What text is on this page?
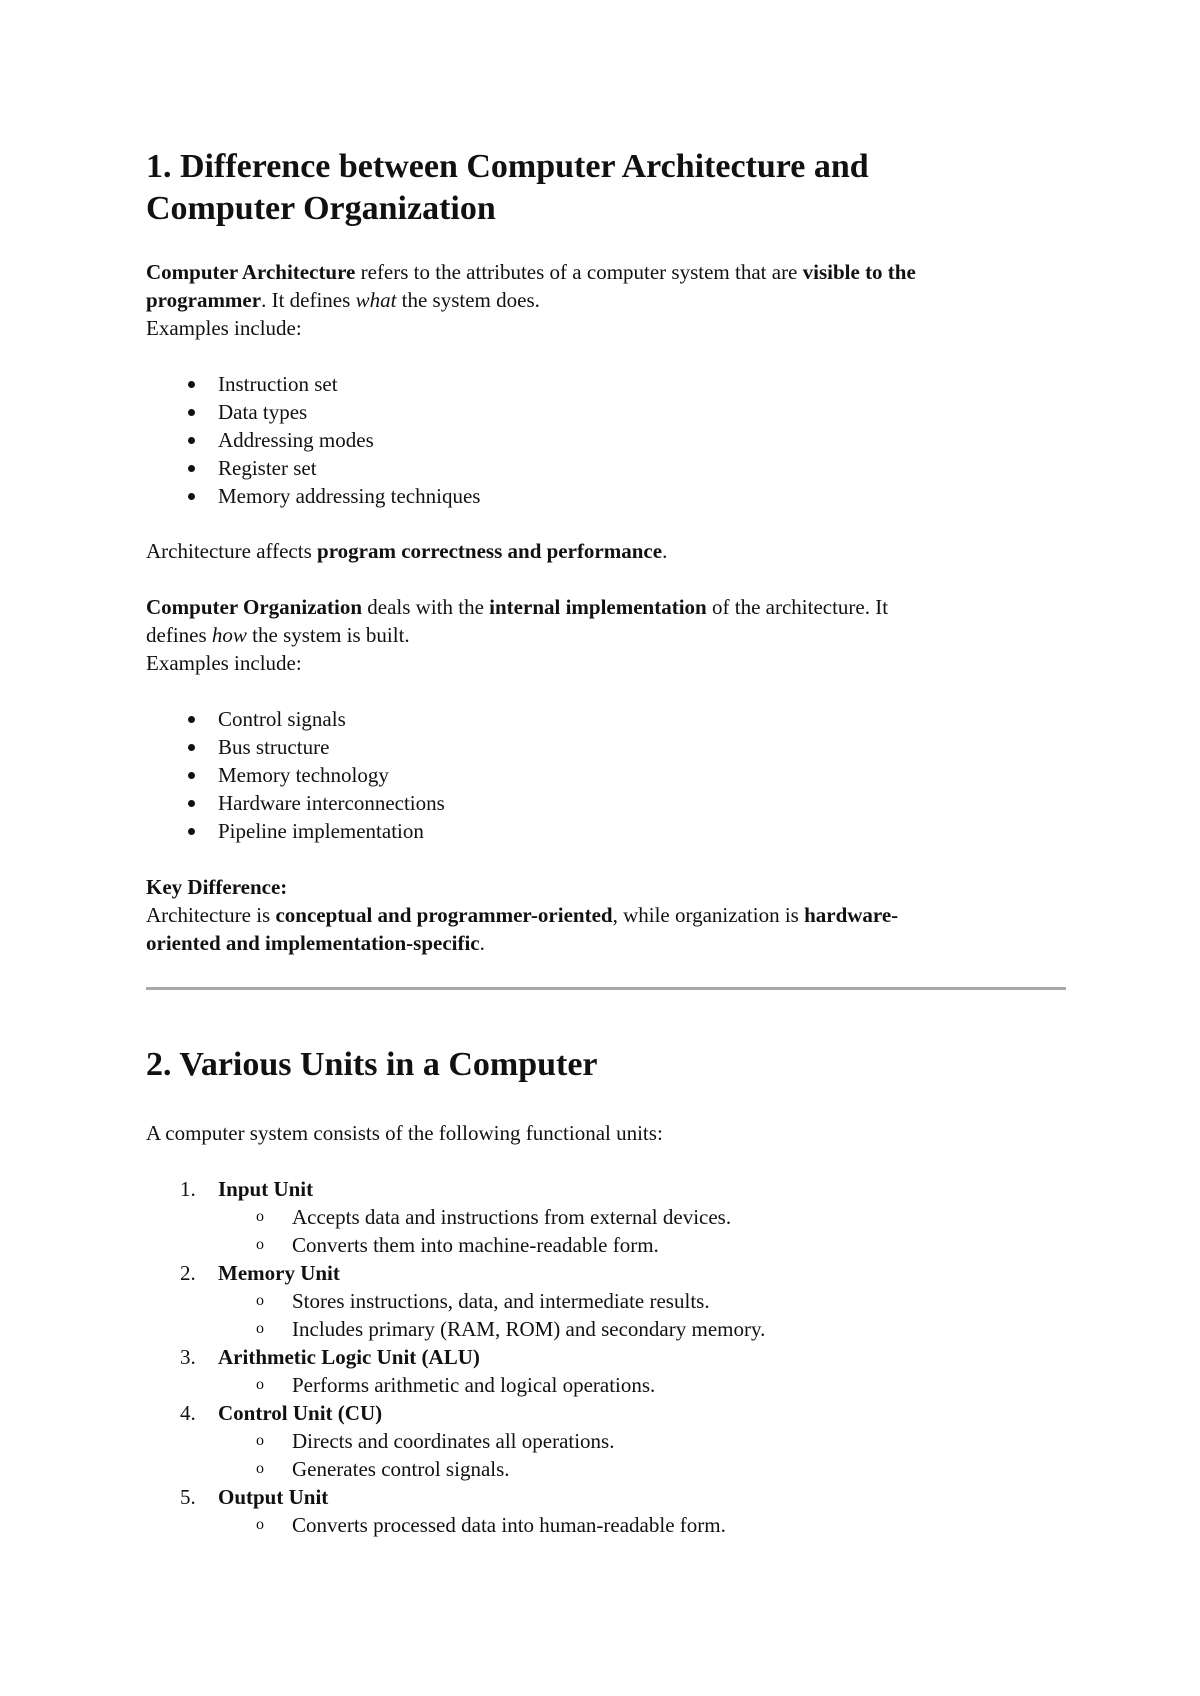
1. Difference between Computer Architecture and
Computer Organization

Computer Architecture refers to the attributes of a computer system that are visible to the

programmer. It defines what the system does.

Examples include:

Instruction set
Data types
Addressing modes
Register set
Memory addressing techniques

Architecture affects program correctness and performance.

Computer Organization deals with the internal implementation of the architecture. It

defines how the system is built.

Examples include:

Control signals
Bus structure
Memory technology
Hardware interconnections
Pipeline implementation

Key Difference:

Architecture is conceptual and programmer-oriented, while organization is hardware-

oriented and implementation-specific.

2. Various Units in a Computer

A computer system consists of the following functional units:

1.	Input Unit
o Accepts data and instructions from external devices.
o Converts them into machine-readable form.
2.	Memory Unit
o Stores instructions, data, and intermediate results.
o Includes primary (RAM, ROM) and secondary memory.
3.	Arithmetic Logic Unit (ALU)
o Performs arithmetic and logical operations.
4.	Control Unit (CU)
o Directs and coordinates all operations.
o Generates control signals.
5.	Output Unit
o Converts processed data into human-readable form.
